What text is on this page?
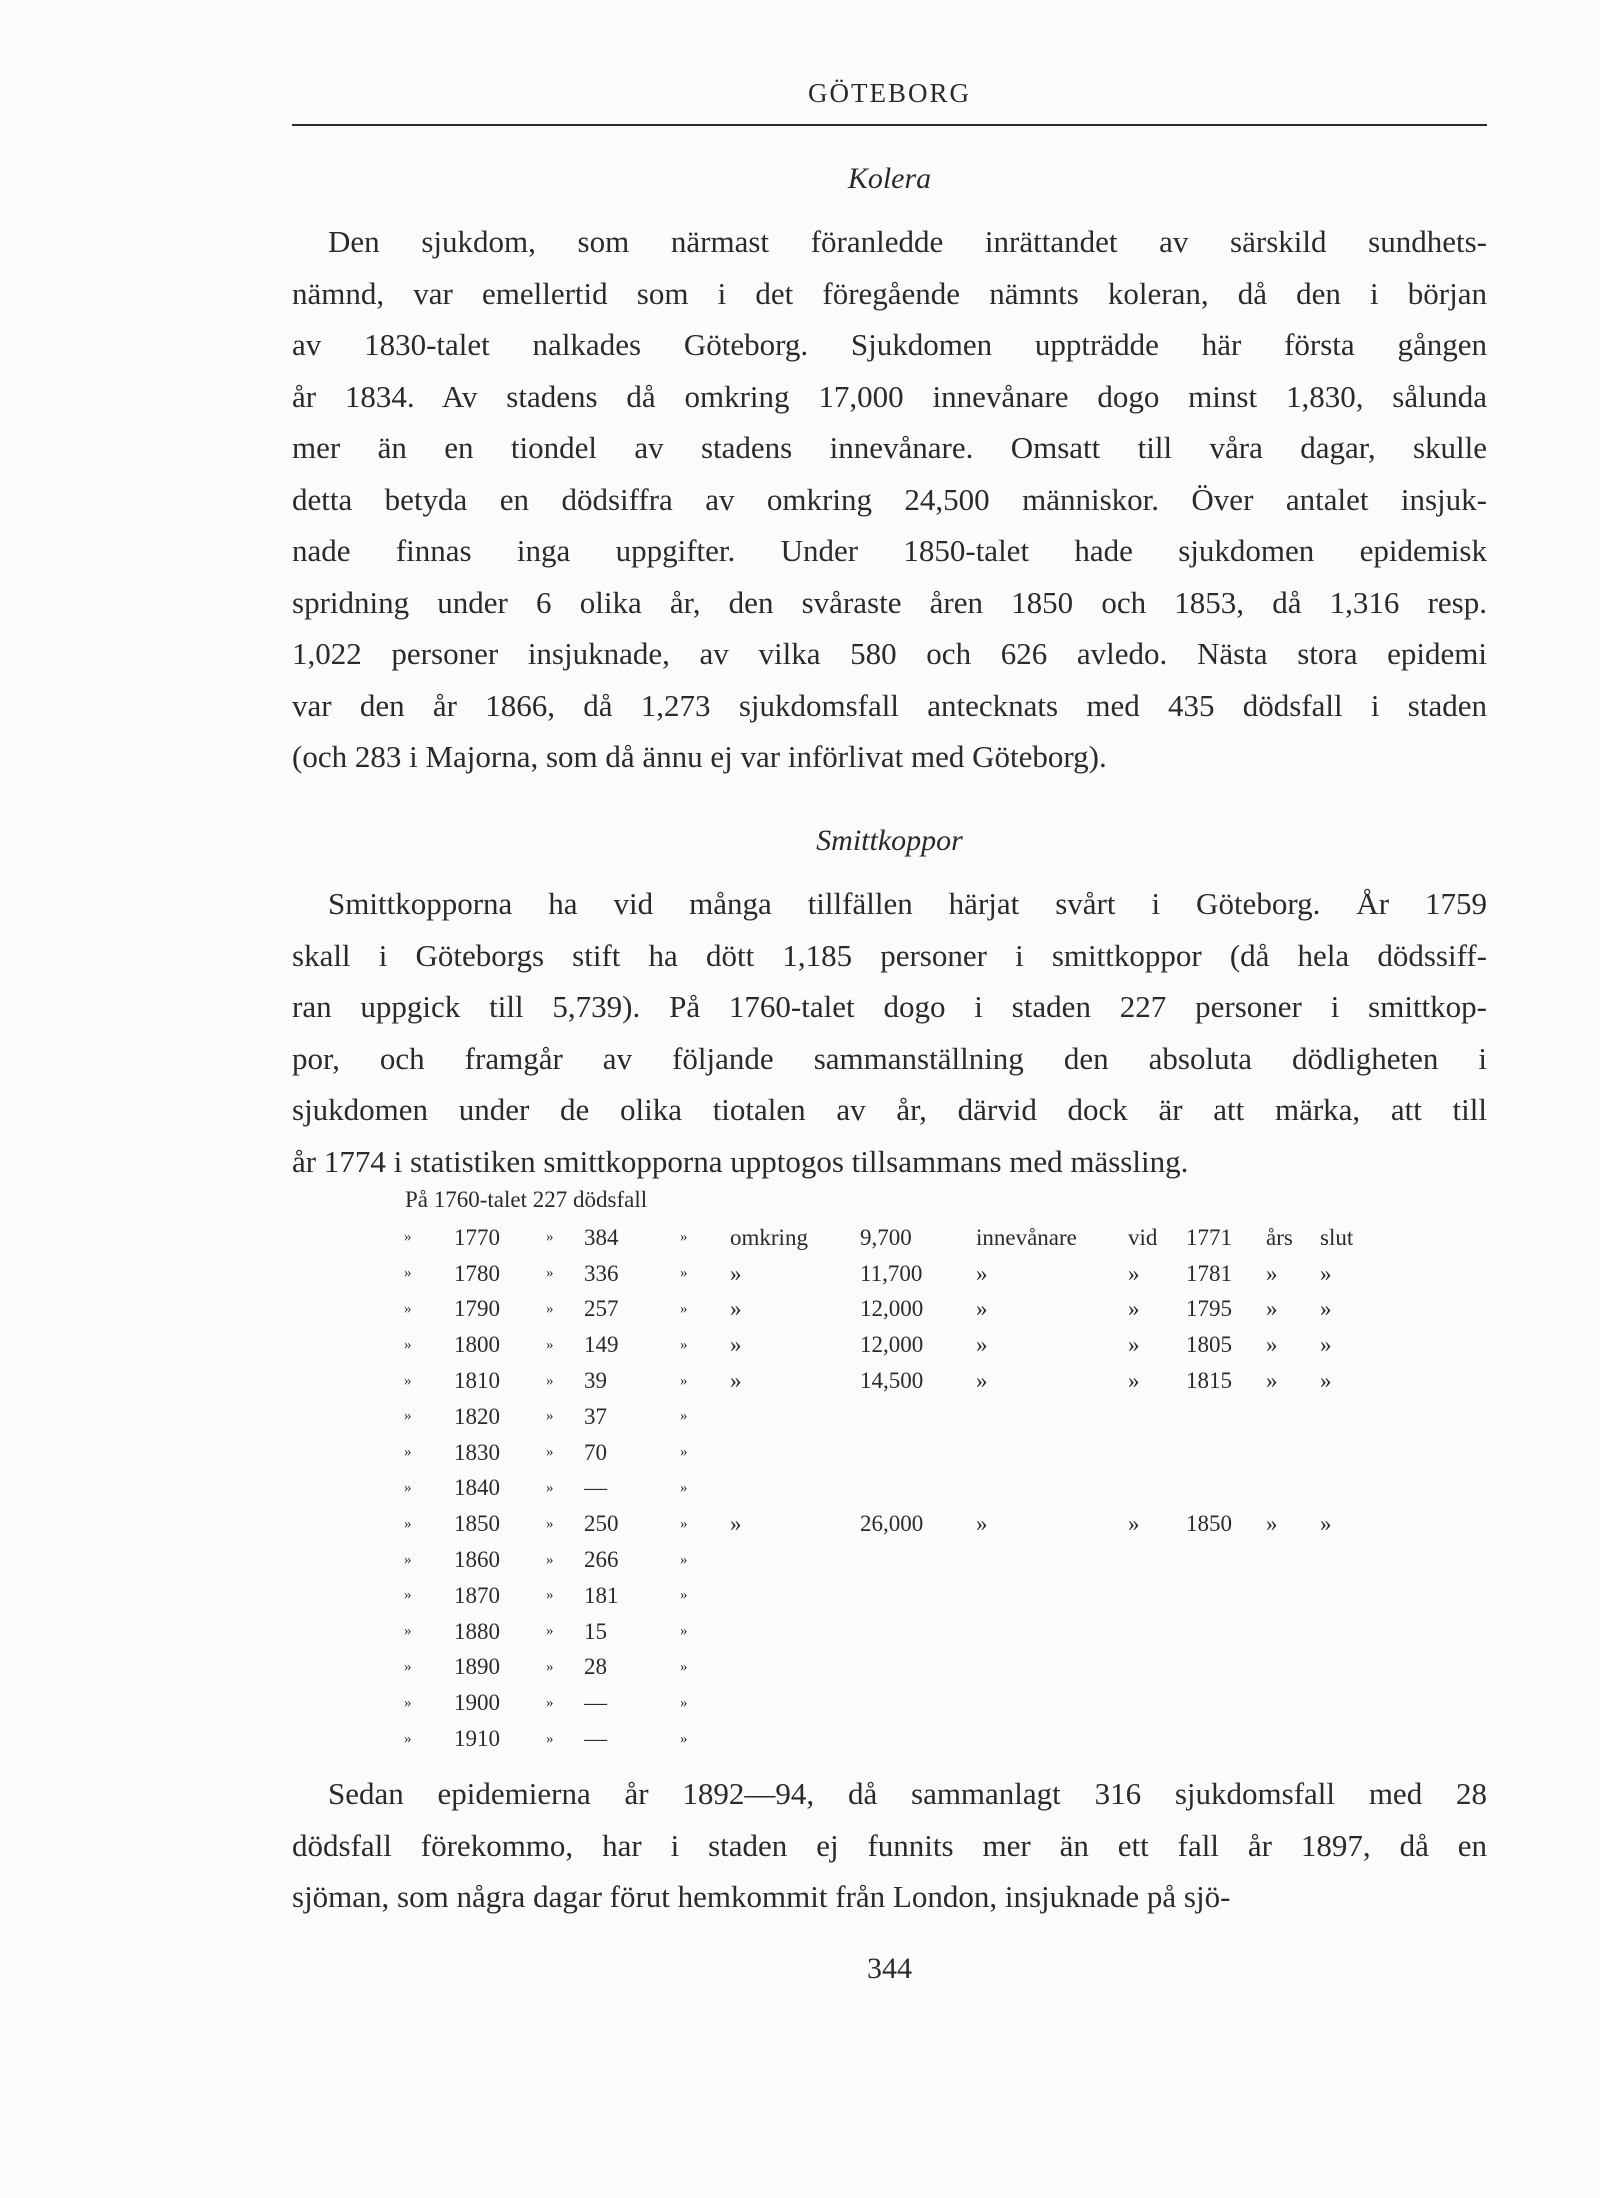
GÖTEBORG
Kolera
Den sjukdom, som närmast föranledde inrättandet av särskild sundhets-
nämnd, var emellertid som i det föregående nämnts koleran, då den i början
av 1830-talet nalkades Göteborg. Sjukdomen uppträdde här första gången
år 1834. Av stadens då omkring 17,000 innevånare dogo minst 1,830, sålunda
mer än en tiondel av stadens innevånare. Omsatt till våra dagar, skulle
detta betyda en dödsiffra av omkring 24,500 människor. Över antalet insjuk-
nade finnas inga uppgifter. Under 1850-talet hade sjukdomen epidemisk
spridning under 6 olika år, den svåraste åren 1850 och 1853, då 1,316 resp.
1,022 personer insjuknade, av vilka 580 och 626 avledo. Nästa stora epidemi
var den år 1866, då 1,273 sjukdomsfall antecknats med 435 dödsfall i staden
(och 283 i Majorna, som då ännu ej var införlivat med Göteborg).
Smittkoppor
Smittkopporna ha vid många tillfällen härjat svårt i Göteborg. År 1759
skall i Göteborgs stift ha dött 1,185 personer i smittkoppor (då hela dödssiff-
ran uppgick till 5,739). På 1760-talet dogo i staden 227 personer i smittkop-
por, och framgår av följande sammanställning den absoluta dödligheten i
sjukdomen under de olika tiotalen av år, därvid dock är att märka, att till
år 1774 i statistiken smittkopporna upptogos tillsammans med mässling.
På 1760-talet 227 dödsfall
»	1770	»	384	»	omkring	9,700	innevånare	vid	1771	års	slut
»	1780	»	336	»	»	11,700	»	»	1781	»	»
»	1790	»	257	»	»	12,000	»	»	1795	»	»
»	1800	»	149	»	»	12,000	»	»	1805	»	»
»	1810	»	39	»	»	14,500	»	»	1815	»	»
»	1820	»	37	»							
»	1830	»	70	»							
»	1840	»	—	»							
»	1850	»	250	»	»	26,000	»	»	1850	»	»
»	1860	»	266	»							
»	1870	»	181	»							
»	1880	»	15	»							
»	1890	»	28	»							
»	1900	»	—	»							
»	1910	»	—	»							
Sedan epidemierna år 1892—94, då sammanlagt 316 sjukdomsfall med 28
dödsfall förekommo, har i staden ej funnits mer än ett fall år 1897, då en
sjöman, som några dagar förut hemkommit från London, insjuknade på sjö-
344
